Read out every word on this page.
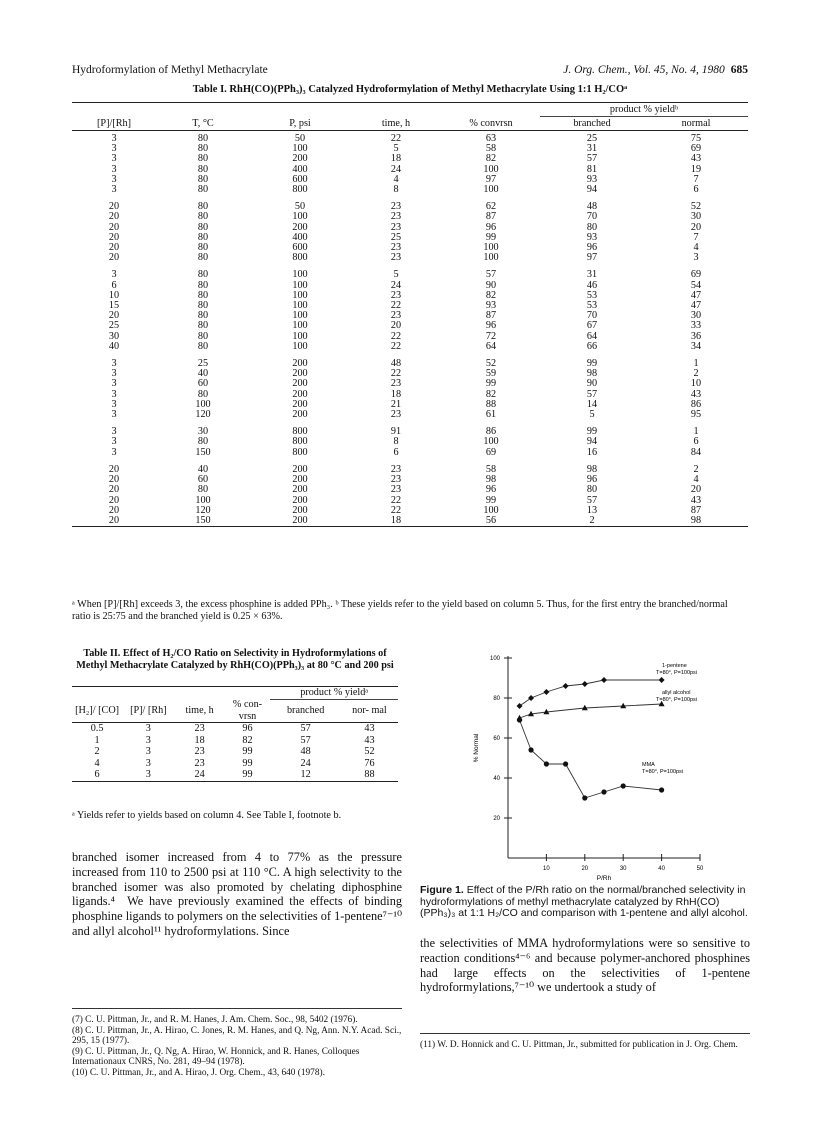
Hydroformylation of Methyl Methacrylate	J. Org. Chem., Vol. 45, No. 4, 1980 685
Table I. RhH(CO)(PPh₃)₃ Catalyzed Hydroformylation of Methyl Methacrylate Using 1:1 H₂/COᵃ
					product % yieldᵇ	
[P]/[Rh]	T, °C	P, psi	time, h	% convrsn	branched	normal
3	80	50	22	63	25	75
3	80	100	5	58	31	69
3	80	200	18	82	57	43
3	80	400	24	100	81	19
3	80	600	4	97	93	7
3	80	800	8	100	94	6
20	80	50	23	62	48	52
20	80	100	23	87	70	30
20	80	200	23	96	80	20
20	80	400	25	99	93	7
20	80	600	23	100	96	4
20	80	800	23	100	97	3
3	80	100	5	57	31	69
6	80	100	24	90	46	54
10	80	100	23	82	53	47
15	80	100	22	93	53	47
20	80	100	23	87	70	30
25	80	100	20	96	67	33
30	80	100	22	72	64	36
40	80	100	22	64	66	34
3	25	200	48	52	99	1
3	40	200	22	59	98	2
3	60	200	23	99	90	10
3	80	200	18	82	57	43
3	100	200	21	88	14	86
3	120	200	23	61	5	95
3	30	800	91	86	99	1
3	80	800	8	100	94	6
3	150	800	6	69	16	84
20	40	200	23	58	98	2
20	60	200	23	98	96	4
20	80	200	23	96	80	20
20	100	200	22	99	57	43
20	120	200	22	100	13	87
20	150	200	18	56	2	98
ᵃ When [P]/[Rh] exceeds 3, the excess phosphine is added PPh₃. ᵇ These yields refer to the yield based on column 5. Thus, for the first entry the branched/normal ratio is 25:75 and the branched yield is 0.25 × 63%.
Table II. Effect of H₂/CO Ratio on Selectivity in Hydroformylations of Methyl Methacrylate Catalyzed by RhH(CO)(PPh₃)₃ at 80 °C and 200 psi
				product % yieldᵃ	
[H₂]/ [CO]	[P]/ [Rh]	time, h	% con- vrsn	branched	nor- mal
0.5	3	23	96	57	43
1	3	18	82	57	43
2	3	23	99	48	52
4	3	23	99	24	76
6	3	24	99	12	88
ᵃ Yields refer to yields based on column 4. See Table I, footnote b.
branched isomer increased from 4 to 77% as the pressure increased from 110 to 2500 psi at 110 °C. A high selectivity to the branched isomer was also promoted by chelating diphosphine ligands.⁴ We have previously examined the effects of binding phosphine ligands to polymers on the selectivities of 1-pentene⁷⁻¹⁰ and allyl alcohol¹¹ hydroformylations. Since

(7) C. U. Pittman, Jr., and R. M. Hanes, J. Am. Chem. Soc., 98, 5402 (1976).

(8) C. U. Pittman, Jr., A. Hirao, C. Jones, R. M. Hanes, and Q. Ng, Ann. N.Y. Acad. Sci., 295, 15 (1977).

(9) C. U. Pittman, Jr., Q. Ng, A. Hirao, W. Honnick, and R. Hanes, Colloques Internationaux CNRS, No. 281, 49–94 (1978).

(10) C. U. Pittman, Jr., and A. Hirao, J. Org. Chem., 43, 640 (1978).

100
80
60
40
20
10	20	30	40	50
% Normal
P/Rh
1-pentene
T=80°, P=100psi
allyl alcohol
T=80°, P=100psi
MMA
T=80°, P=100psi
Figure 1. Effect of the P/Rh ratio on the normal/branched selectivity in hydroformylations of methyl methacrylate catalyzed by RhH(CO)(PPh₃)₃ at 1:1 H₂/CO and comparison with 1-pentene and allyl alcohol.
the selectivities of MMA hydroformylations were so sensitive to reaction conditions⁴⁻⁶ and because polymer-anchored phosphines had large effects on the selectivities of 1-pentene hydroformylations,⁷⁻¹⁰ we undertook a study of

(11) W. D. Honnick and C. U. Pittman, Jr., submitted for publication in J. Org. Chem.
